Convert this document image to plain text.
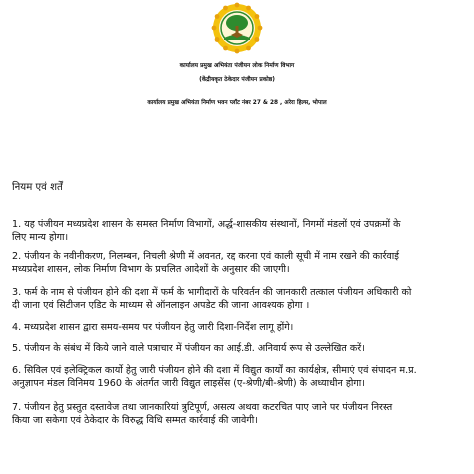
कार्यालय प्रमुख अभियंता पंजीयन लोक निर्माण विभाग
(केंद्रीयकृत ठेकेदार पंजीयन प्रकोष्ठ)
कार्यालय प्रमुख अभियंता निर्माण भवन प्लॉट नंबर 27 & 28 , अरेरा हिल्स, भोपाल
नियम एवं शर्तें
1. यह पंजीयन मध्यप्रदेश शासन के समस्त निर्माण विभागों, अर्द्ध-शासकीय संस्थानों, निगमों मंडलों एवं उपक्रमों के
लिए मान्य होगा।
2. पंजीयन के नवीनीकरण, निलम्बन, निचली श्रेणी में अवनत, रद्द करना एवं काली सूची में नाम रखने की कार्रवाई
मध्यप्रदेश शासन, लोक निर्माण विभाग के प्रचलित आदेशों के अनुसार की जाएगी।
3. फर्म के नाम से पंजीयन होने की दशा में फर्म के भागीदारों के परिवर्तन की जानकारी तत्काल पंजीयन अधिकारी को
दी जाना एवं सिटीजन एडिट के माध्यम से ऑनलाइन अपडेट की जाना आवश्यक होगा ।
4. मध्यप्रदेश शासन द्वारा समय-समय पर पंजीयन हेतु जारी दिशा-निर्देश लागू होंगे।
5. पंजीयन के संबंध में किये जाने वाले पत्राचार में पंजीयन का आई.डी. अनिवार्य रूप से उल्लेखित करें।
6. सिविल एवं इलेक्ट्रिकल कार्यो हेतु जारी पंजीयन होने की दशा में विद्युत कार्यों का कार्यक्षेत्र, सीमाएं एवं संपादन म.प्र.
अनुज्ञापन मंडल विनिमय 1960 के अंतर्गत जारी विद्युत लाइसेंस (ए-श्रेणी/बी-श्रेणी) के अध्याधीन होगा।
7. पंजीयन हेतु प्रस्तुत दस्तावेज तथा जानकारियां त्रुटिपूर्ण, असत्य अथवा कटरचित पाए जाने पर पंजीयन निरस्त
किया जा सकेगा एवं ठेकेदार के विरुद्ध विधि सम्मत कार्रवाई की जावेगी।
